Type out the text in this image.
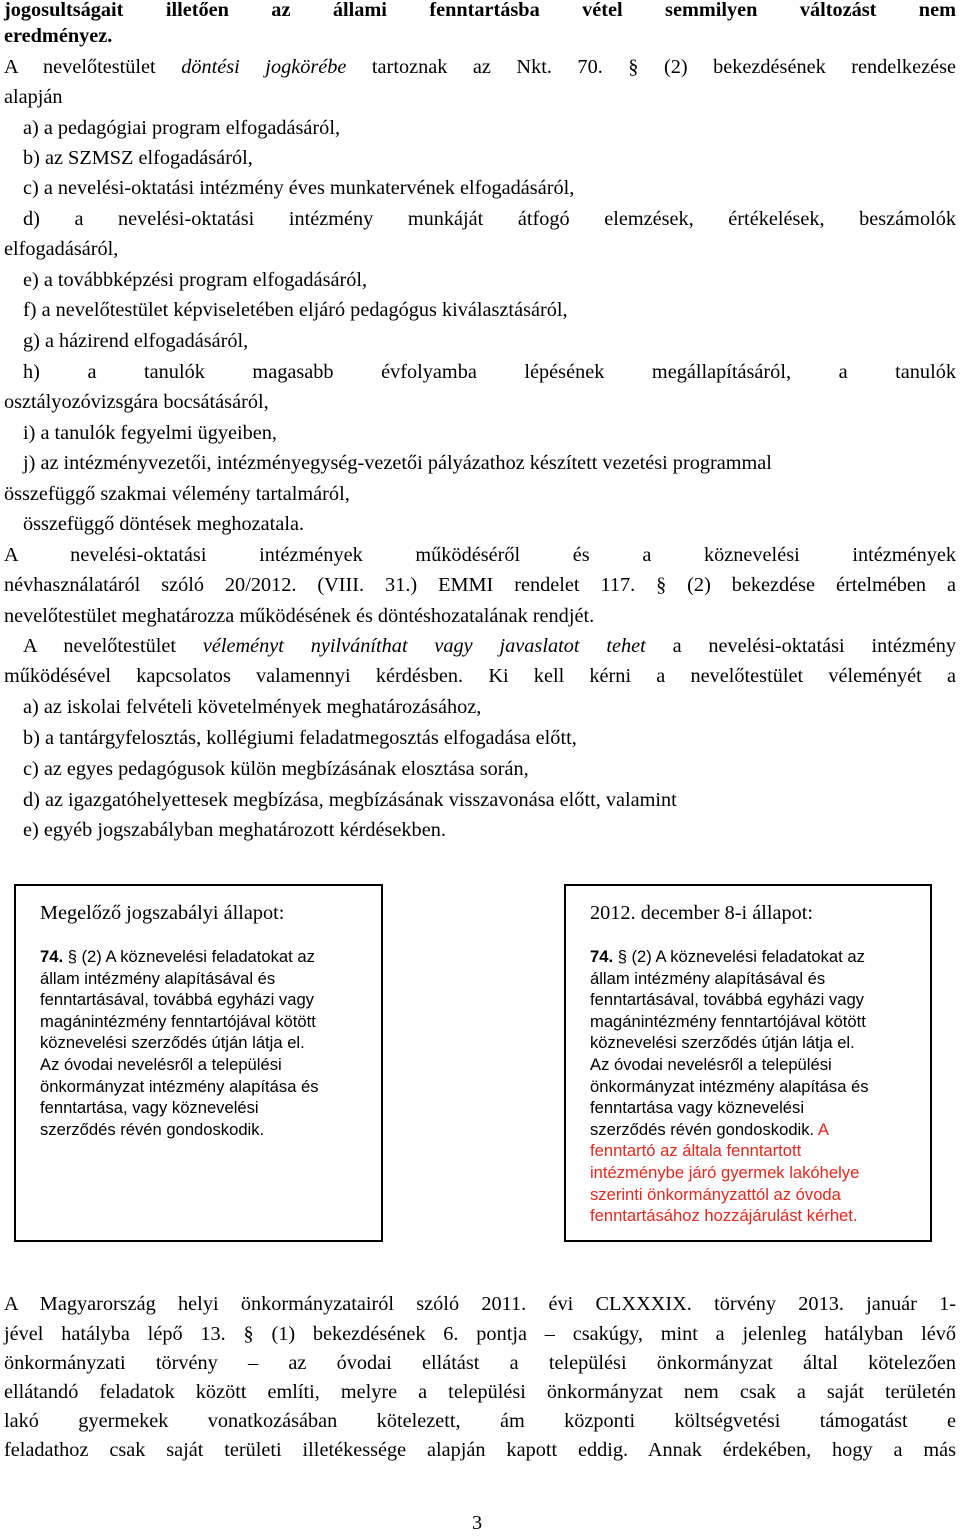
jogosultságait illetően az állami fenntartásba vétel semmilyen változást nem
eredményez.
A nevelőtestület döntési jogkörébe tartoznak az Nkt. 70. § (2) bekezdésének rendelkezése
alapján
a) a pedagógiai program elfogadásáról,
b) az SZMSZ elfogadásáról,
c) a nevelési-oktatási intézmény éves munkatervének elfogadásáról,
d) a nevelési-oktatási intézmény munkáját átfogó elemzések, értékelések, beszámolók
elfogadásáról,
e) a továbbképzési program elfogadásáról,
f) a nevelőtestület képviseletében eljáró pedagógus kiválasztásáról,
g) a házirend elfogadásáról,
h) a tanulók magasabb évfolyamba lépésének megállapításáról, a tanulók
osztályozóvizsgára bocsátásáról,
i) a tanulók fegyelmi ügyeiben,
j) az intézményvezetői, intézményegység-vezetői pályázathoz készített vezetési programmal
összefüggő szakmai vélemény tartalmáról,
összefüggő döntések meghozatala.
A nevelési-oktatási intézmények működéséről és a köznevelési intézmények
névhasználatáról szóló 20/2012. (VIII. 31.) EMMI rendelet 117. § (2) bekezdése értelmében a
nevelőtestület meghatározza működésének és döntéshozatalának rendjét.
A nevelőtestület véleményt nyilváníthat vagy javaslatot tehet a nevelési-oktatási intézmény
működésével kapcsolatos valamennyi kérdésben. Ki kell kérni a nevelőtestület véleményét a
a) az iskolai felvételi követelmények meghatározásához,
b) a tantárgyfelosztás, kollégiumi feladatmegosztás elfogadása előtt,
c) az egyes pedagógusok külön megbízásának elosztása során,
d) az igazgatóhelyettesek megbízása, megbízásának visszavonása előtt, valamint
e) egyéb jogszabályban meghatározott kérdésekben.
Megelőző jogszabályi állapot:
74. § (2) A köznevelési feladatokat az
állam intézmény alapításával és
fenntartásával, továbbá egyházi vagy
magánintézmény fenntartójával kötött
köznevelési szerződés útján látja el.
Az óvodai nevelésről a települési
önkormányzat intézmény alapítása és
fenntartása, vagy köznevelési
szerződés révén gondoskodik.
2012. december 8-i állapot:
74. § (2) A köznevelési feladatokat az
állam intézmény alapításával és
fenntartásával, továbbá egyházi vagy
magánintézmény fenntartójával kötött
köznevelési szerződés útján látja el.
Az óvodai nevelésről a települési
önkormányzat intézmény alapítása és
fenntartása vagy köznevelési
szerződés révén gondoskodik. A
fenntartó az általa fenntartott
intézménybe járó gyermek lakóhelye
szerinti önkormányzattól az óvoda
fenntartásához hozzájárulást kérhet.
A Magyarország helyi önkormányzatairól szóló 2011. évi CLXXXIX. törvény 2013. január 1-
jével hatályba lépő 13. § (1) bekezdésének 6. pontja – csakúgy, mint a jelenleg hatályban lévő
önkormányzati törvény – az óvodai ellátást a települési önkormányzat által kötelezően
ellátandó feladatok között említi, melyre a települési önkormányzat nem csak a saját területén
lakó gyermekek vonatkozásában kötelezett, ám központi költségvetési támogatást e
feladathoz csak saját területi illetékessége alapján kapott eddig. Annak érdekében, hogy a más
3
